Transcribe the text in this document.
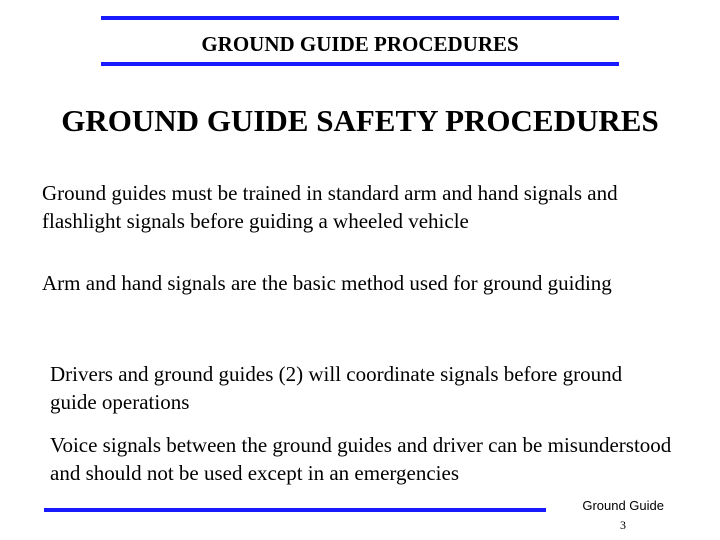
GROUND GUIDE PROCEDURES
GROUND GUIDE SAFETY PROCEDURES

Ground guides must be trained in standard arm and hand signals and flashlight signals before guiding a wheeled vehicle

Arm and hand signals are the basic method used for ground guiding

Drivers and ground guides (2) will coordinate signals before ground guide operations

Voice signals between the ground guides and driver can be misunderstood and should not be used except in an emergencies

Ground Guide
3
